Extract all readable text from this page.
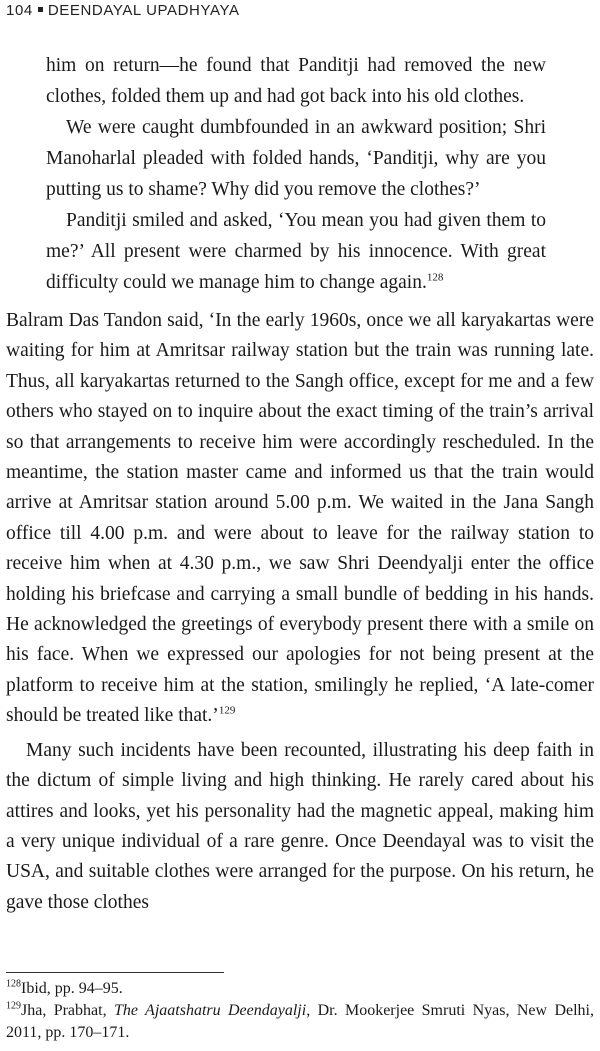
104 DEENDAYAL UPADHYAYA

him on return—he found that Panditji had removed the new clothes, folded them up and had got back into his old clothes.

We were caught dumbfounded in an awkward position; Shri Manoharlal pleaded with folded hands, ‘Panditji, why are you putting us to shame? Why did you remove the clothes?’

Panditji smiled and asked, ‘You mean you had given them to me?’ All present were charmed by his innocence. With great difficulty could we manage him to change again.$^{128}$

Balram Das Tandon said, ‘In the early 1960s, once we all karyakartas were waiting for him at Amritsar railway station but the train was running late. Thus, all karyakartas returned to the Sangh office, except for me and a few others who stayed on to inquire about the exact timing of the train’s arrival so that arrangements to receive him were accordingly rescheduled. In the meantime, the station master came and informed us that the train would arrive at Amritsar station around 5.00 p.m. We waited in the Jana Sangh office till 4.00 p.m. and were about to leave for the railway station to receive him when at 4.30 p.m., we saw Shri Deendyalji enter the office holding his briefcase and carrying a small bundle of bedding in his hands. He acknowledged the greetings of everybody present there with a smile on his face. When we expressed our apologies for not being present at the platform to receive him at the station, smilingly he replied, ‘A late-comer should be treated like that.’$^{129}$

Many such incidents have been recounted, illustrating his deep faith in the dictum of simple living and high thinking. He rarely cared about his attires and looks, yet his personality had the magnetic appeal, making him a very unique individual of a rare genre. Once Deendayal was to visit the USA, and suitable clothes were arranged for the purpose. On his return, he gave those clothes

$^{128}$Ibid, pp. 94–95.

$^{129}$Jha, Prabhat, The Ajaatshatru Deendayalji, Dr. Mookerjee Smruti Nyas, New Delhi, 2011, pp. 170–171.
